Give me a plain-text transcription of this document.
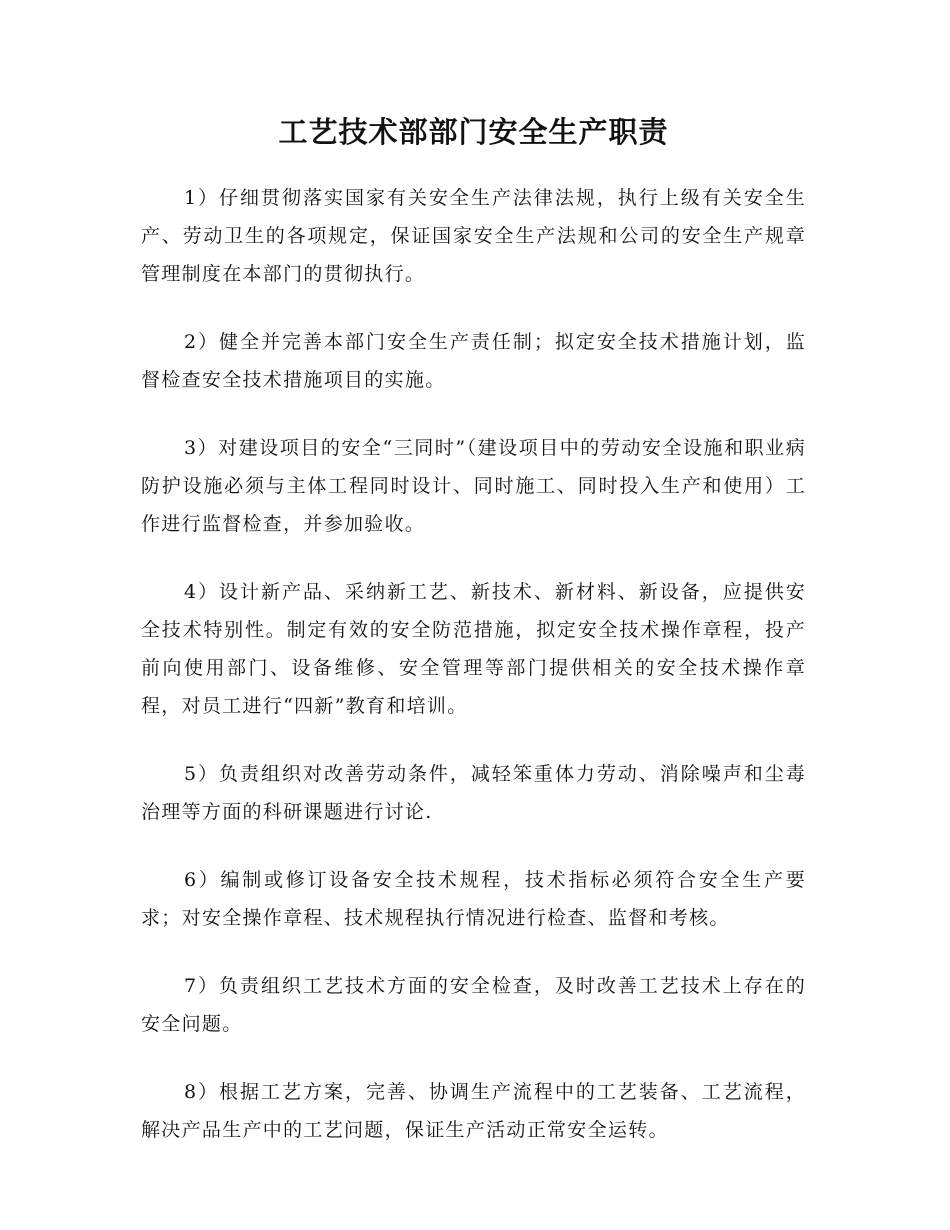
工艺技术部部门安全生产职责

1）仔细贯彻落实国家有关安全生产法律法规，执行上级有关安全生产、劳动卫生的各项规定，保证国家安全生产法规和公司的安全生产规章管理制度在本部门的贯彻执行。

2）健全并完善本部门安全生产责任制；拟定安全技术措施计划，监督检查安全技术措施项目的实施。

3）对建设项目的安全“三同时”（建设项目中的劳动安全设施和职业病防护设施必须与主体工程同时设计、同时施工、同时投入生产和使用）工作进行监督检查，并参加验收。

4）设计新产品、采纳新工艺、新技术、新材料、新设备，应提供安全技术特别性。制定有效的安全防范措施，拟定安全技术操作章程，投产前向使用部门、设备维修、安全管理等部门提供相关的安全技术操作章程，对员工进行“四新”教育和培训。

5）负责组织对改善劳动条件，减轻笨重体力劳动、消除噪声和尘毒治理等方面的科研课题进行讨论.

6）编制或修订设备安全技术规程，技术指标必须符合安全生产要求；对安全操作章程、技术规程执行情况进行检查、监督和考核。

7）负责组织工艺技术方面的安全检查，及时改善工艺技术上存在的安全问题。

8）根据工艺方案，完善、协调生产流程中的工艺装备、工艺流程，解决产品生产中的工艺问题，保证生产活动正常安全运转。
